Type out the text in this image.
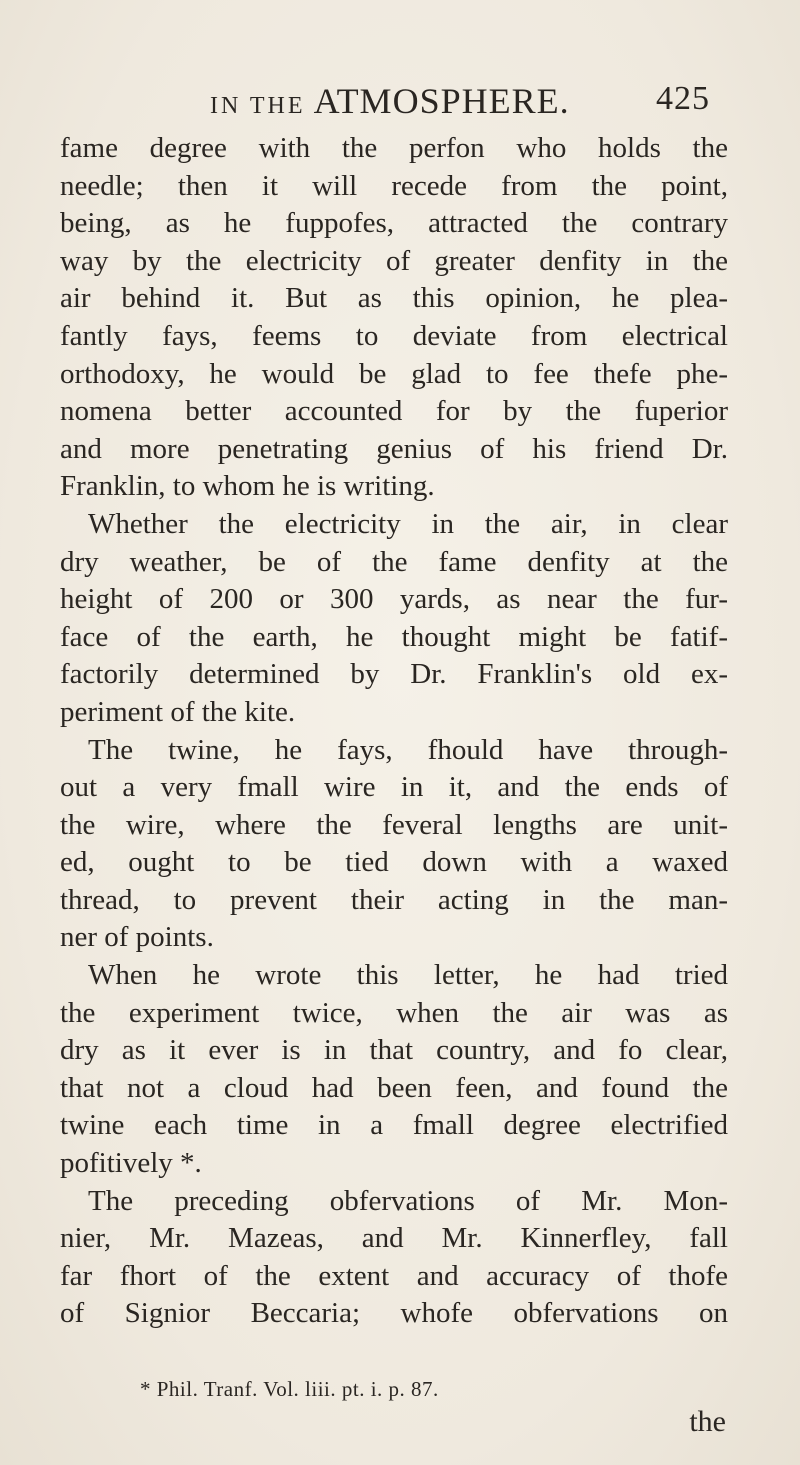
IN THE ATMOSPHERE.	425
fame degree with the perfon who holds the
needle; then it will recede from the point,
being, as he fuppofes, attracted the contrary
way by the electricity of greater denfity in the
air behind it. But as this opinion, he plea-
fantly fays, feems to deviate from electrical
orthodoxy, he would be glad to fee thefe phe-
nomena better accounted for by the fuperior
and more penetrating genius of his friend Dr.
Franklin, to whom he is writing.
Whether the electricity in the air, in clear
dry weather, be of the fame denfity at the
height of 200 or 300 yards, as near the fur-
face of the earth, he thought might be fatif-
factorily determined by Dr. Franklin's old ex-
periment of the kite.
The twine, he fays, fhould have through-
out a very fmall wire in it, and the ends of
the wire, where the feveral lengths are unit-
ed, ought to be tied down with a waxed
thread, to prevent their acting in the man-
ner of points.
When he wrote this letter, he had tried
the experiment twice, when the air was as
dry as it ever is in that country, and fo clear,
that not a cloud had been feen, and found the
twine each time in a fmall degree electrified
pofitively *.
The preceding obfervations of Mr. Mon-
nier, Mr. Mazeas, and Mr. Kinnerfley, fall
far fhort of the extent and accuracy of thofe
of Signior Beccaria; whofe obfervations on
* Phil. Tranf. Vol. liii. pt. i. p. 87.
the
